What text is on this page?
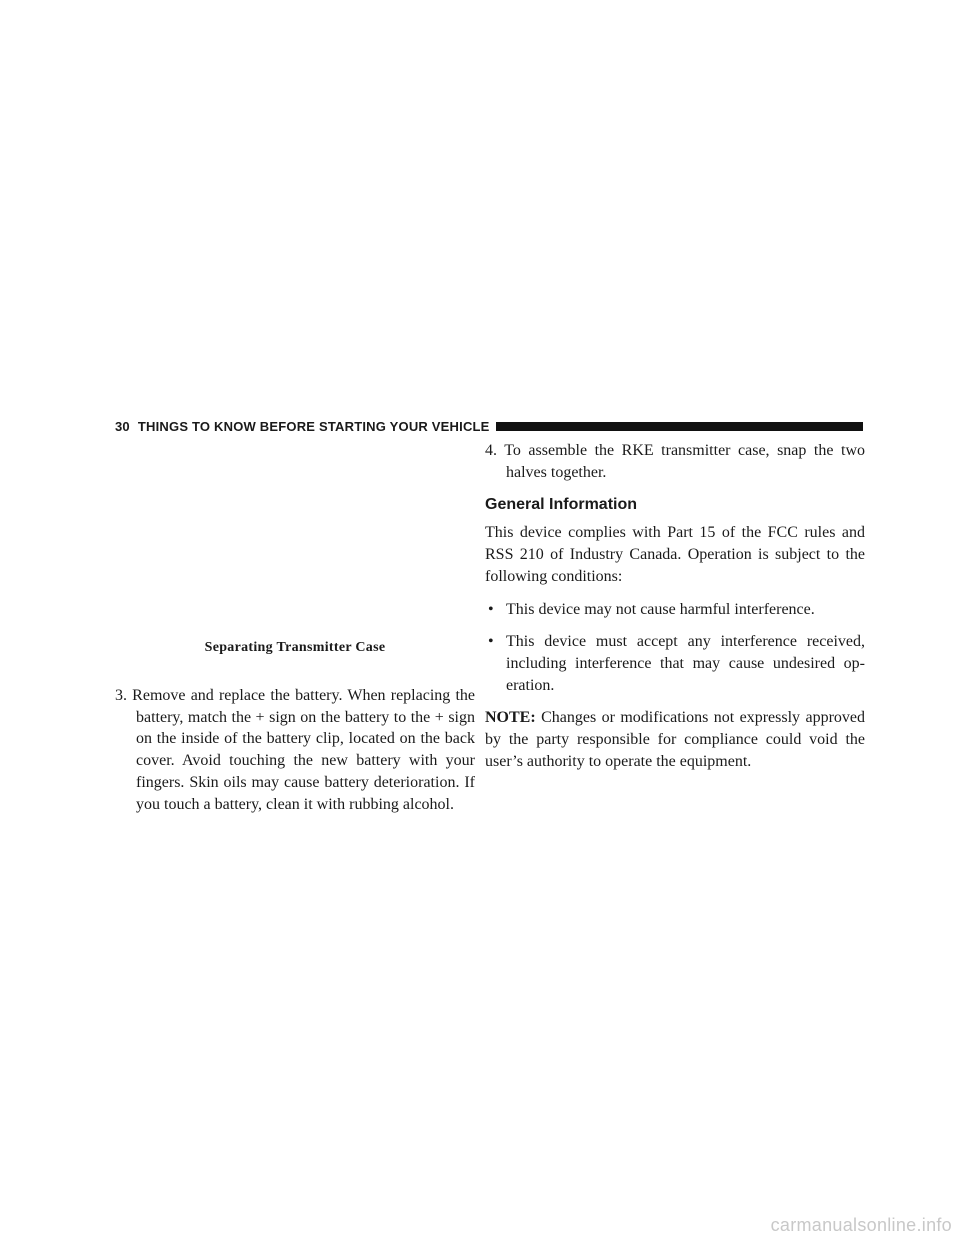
30 THINGS TO KNOW BEFORE STARTING YOUR VEHICLE
Separating Transmitter Case

3. Remove and replace the battery. When replacing the battery, match the + sign on the battery to the + sign on the inside of the battery clip, located on the back cover. Avoid touching the new battery with your fingers. Skin oils may cause battery deterioration. If you touch a battery, clean it with rubbing alcohol.

4. To assemble the RKE transmitter case, snap the two halves together.

General Information

This device complies with Part 15 of the FCC rules and RSS 210 of Industry Canada. Operation is subject to the following conditions:

• This device may not cause harmful interference.
• This device must accept any interference received, including interference that may cause undesired op-eration.

NOTE: Changes or modifications not expressly approved by the party responsible for compliance could void the user’s authority to operate the equipment.

carmanualsonline.info
